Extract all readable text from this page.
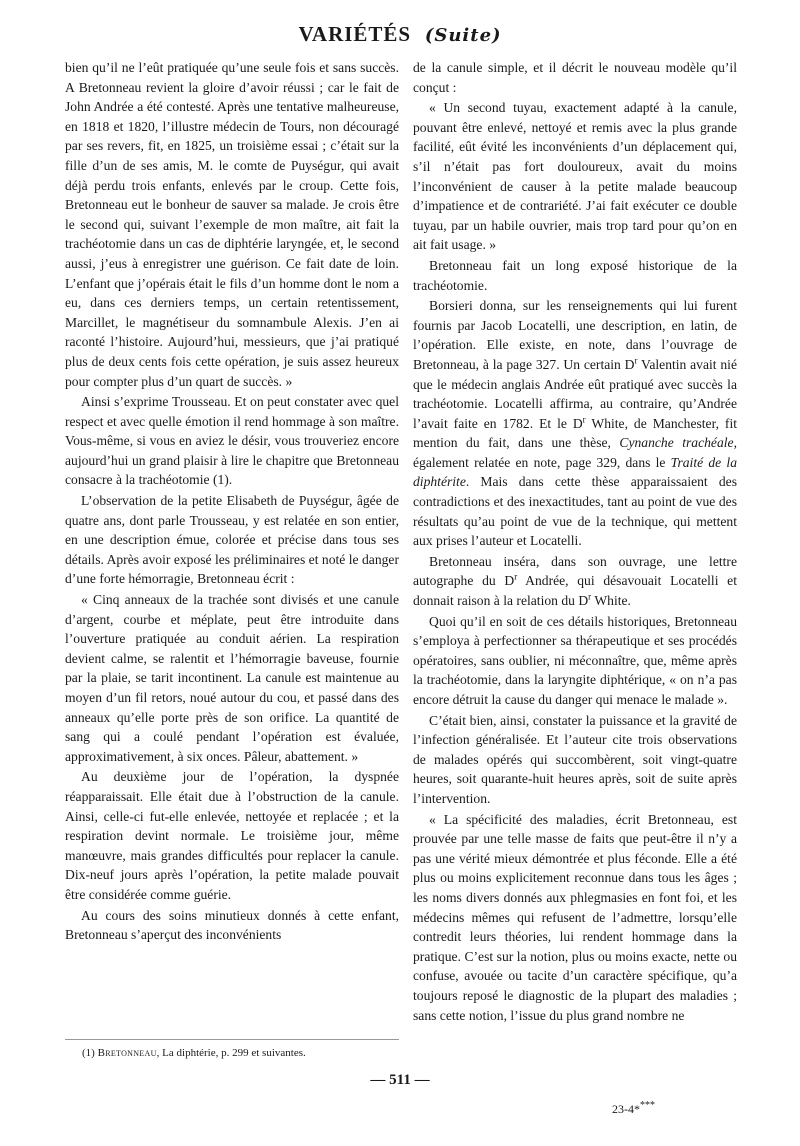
VARIÉTÉS (Suite)

bien qu’il ne l’eût pratiquée qu’une seule fois et sans succès. A Bretonneau revient la gloire d’avoir réussi ; car le fait de John Andrée a été contesté. Après une tentative malheureuse, en 1818 et 1820, l’illustre médecin de Tours, non découragé par ses revers, fit, en 1825, un troisième essai ; c’était sur la fille d’un de ses amis, M. le comte de Puységur, qui avait déjà perdu trois enfants, enlevés par le croup. Cette fois, Bretonneau eut le bonheur de sauver sa malade. Je crois être le second qui, suivant l’exemple de mon maître, ait fait la trachéotomie dans un cas de diphtérie laryngée, et, le second aussi, j’eus à enregistrer une guérison. Ce fait date de loin. L’enfant que j’opérais était le fils d’un homme dont le nom a eu, dans ces derniers temps, un certain retentissement, Marcillet, le magnétiseur du somnambule Alexis. J’en ai raconté l’histoire. Aujourd’hui, messieurs, que j’ai pratiqué plus de deux cents fois cette opération, je suis assez heureux pour compter plus d’un quart de succès. »

Ainsi s’exprime Trousseau. Et on peut constater avec quel respect et avec quelle émotion il rend hommage à son maître. Vous-même, si vous en aviez le désir, vous trouveriez encore aujourd’hui un grand plaisir à lire le chapitre que Bretonneau consacre à la trachéotomie (1).

L’observation de la petite Elisabeth de Puységur, âgée de quatre ans, dont parle Trousseau, y est relatée en son entier, en une description émue, colorée et précise dans tous ses détails. Après avoir exposé les préliminaires et noté le danger d’une forte hémorragie, Bretonneau écrit :

« Cinq anneaux de la trachée sont divisés et une canule d’argent, courbe et méplate, peut être introduite dans l’ouverture pratiquée au conduit aérien. La respiration devient calme, se ralentit et l’hémorragie baveuse, fournie par la plaie, se tarit incontinent. La canule est maintenue au moyen d’un fil retors, noué autour du cou, et passé dans des anneaux qu’elle porte près de son orifice. La quantité de sang qui a coulé pendant l’opération est évaluée, approximativement, à six onces. Pâleur, abattement. »

Au deuxième jour de l’opération, la dyspnée réapparaissait. Elle était due à l’obstruction de la canule. Ainsi, celle-ci fut-elle enlevée, nettoyée et replacée ; et la respiration devint normale. Le troisième jour, même manœuvre, mais grandes difficultés pour replacer la canule. Dix-neuf jours après l’opération, la petite malade pouvait être considérée comme guérie.

Au cours des soins minutieux donnés à cette enfant, Bretonneau s’aperçut des inconvénients

de la canule simple, et il décrit le nouveau modèle qu’il conçut :

« Un second tuyau, exactement adapté à la canule, pouvant être enlevé, nettoyé et remis avec la plus grande facilité, eût évité les inconvénients d’un déplacement qui, s’il n’était pas fort douloureux, avait du moins l’inconvénient de causer à la petite malade beaucoup d’impatience et de contrariété. J’ai fait exécuter ce double tuyau, par un habile ouvrier, mais trop tard pour qu’on en ait fait usage. »

Bretonneau fait un long exposé historique de la trachéotomie.

Borsieri donna, sur les renseignements qui lui furent fournis par Jacob Locatelli, une description, en latin, de l’opération. Elle existe, en note, dans l’ouvrage de Bretonneau, à la page 327. Un certain $D^r$ Valentin avait nié que le médecin anglais Andrée eût pratiqué avec succès la trachéotomie. Locatelli affirma, au contraire, qu’Andrée l’avait faite en 1782. Et le $D^r$ White, de Manchester, fit mention du fait, dans une thèse, Cynanche trachéale, également relatée en note, page 329, dans le Traité de la diphtérite. Mais dans cette thèse apparaissaient des contradictions et des inexactitudes, tant au point de vue des résultats qu’au point de vue de la technique, qui mettent aux prises l’auteur et Locatelli.

Bretonneau inséra, dans son ouvrage, une lettre autographe du $D^r$ Andrée, qui désavouait Locatelli et donnait raison à la relation du $D^r$ White.

Quoi qu’il en soit de ces détails historiques, Bretonneau s’employa à perfectionner sa thérapeutique et ses procédés opératoires, sans oublier, ni méconnaître, que, même après la trachéotomie, dans la laryngite diphtérique, « on n’a pas encore détruit la cause du danger qui menace le malade ».

C’était bien, ainsi, constater la puissance et la gravité de l’infection généralisée. Et l’auteur cite trois observations de malades opérés qui succombèrent, soit vingt-quatre heures, soit quarante-huit heures après, soit de suite après l’intervention.

« La spécificité des maladies, écrit Bretonneau, est prouvée par une telle masse de faits que peut-être il n’y a pas une vérité mieux démontrée et plus féconde. Elle a été plus ou moins explicitement reconnue dans tous les âges ; les noms divers donnés aux phlegmasies en font foi, et les médecins mêmes qui refusent de l’admettre, lorsqu’elle contredit leurs théories, lui rendent hommage dans la pratique. C’est sur la notion, plus ou moins exacte, nette ou confuse, avouée ou tacite d’un caractère spécifique, qu’a toujours reposé le diagnostic de la plupart des maladies ; sans cette notion, l’issue du plus grand nombre ne

(1) Bretonneau, La diphtérie, p. 299 et suivantes.
— 511 —
23-4****
